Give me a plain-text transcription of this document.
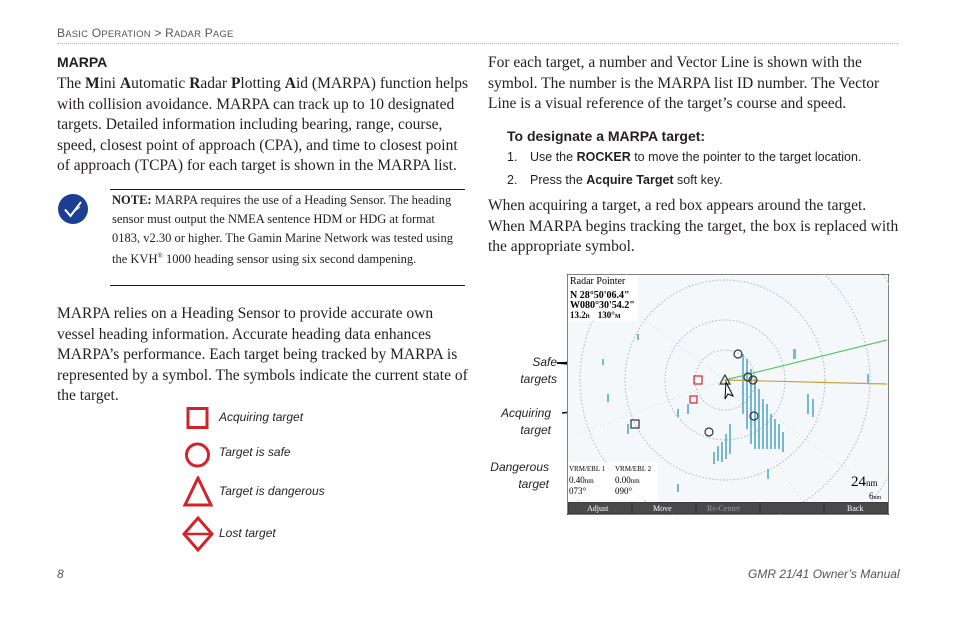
BASIC OPERATION > RADAR PAGE
MARPA
The Mini Automatic Radar Plotting Aid (MARPA) function helps with collision avoidance. MARPA can track up to 10 designated targets. Detailed information including bearing, range, course, speed, closest point of approach (CPA), and time to closest point of approach (TCPA) for each target is shown in the MARPA list.
NOTE: MARPA requires the use of a Heading Sensor. The heading sensor must output the NMEA sentence HDM or HDG at format 0183, v2.30 or higher. The Gamin Marine Network was tested using the KVH® 1000 heading sensor using six second dampening.
MARPA relies on a Heading Sensor to provide accurate own vessel heading information. Accurate heading data enhances MARPA’s performance. Each target being tracked by MARPA is represented by a symbol. The symbols indicate the current state of the target.
Acquiring target
Target is safe
Target is dangerous
Lost target
For each target, a number and Vector Line is shown with the symbol. The number is the MARPA list ID number. The Vector Line is a visual reference of the target’s course and speed.
To designate a MARPA target:
1. Use the ROCKER to move the pointer to the target location.
2. Press the Acquire Target soft key.
When acquiring a target, a red box appears around the target. When MARPA begins tracking the target, the box is replaced with the appropriate symbol.
Safe
targets
Acquiring
target
Dangerous
target
Radar Pointer
N 28°50'06.4"
W080°30'54.2"
13.2ft 130°M
VRM/EBL 1
0.40nm
073°
VRM/EBL 2
0.00nm
090°
24nm
6nm
Adjust	Move	Re-Center	Back
8	GMR 21/41 Owner’s Manual
